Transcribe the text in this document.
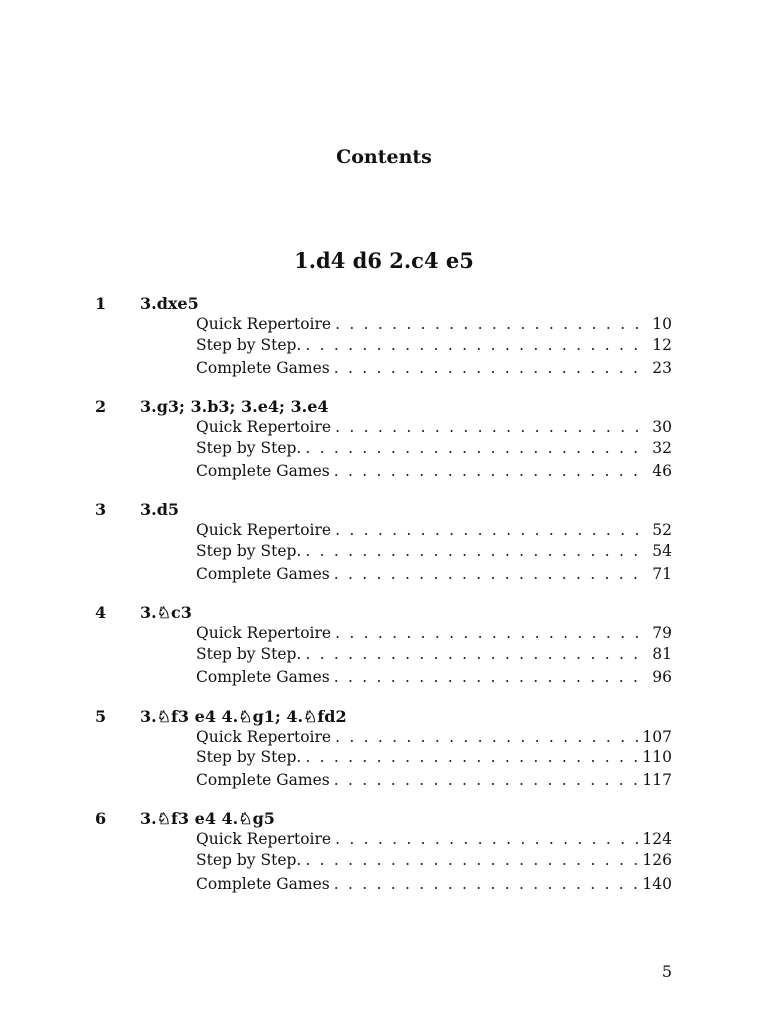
Contents
1.d4 d6 2.c4 e5
1 3.dxe5
Quick Repertoire . . .	10
Step by Step. . . .	12
Complete Games . . .	23
2 3.g3; 3.b3; 3.e4; 3.e4
Quick Repertoire . . .	30
Step by Step. . . .	32
Complete Games . . .	46
3 3.d5
Quick Repertoire . . .	52
Step by Step. . . .	54
Complete Games . . .	71
4 3.♘c3
Quick Repertoire . . .	79
Step by Step. . . .	81
Complete Games . . .	96
5 3.♘f3 e4 4.♘g1; 4.♘fd2
Quick Repertoire . . .	107
Step by Step. . . .	110
Complete Games . . .	117
6 3.♘f3 e4 4.♘g5
Quick Repertoire . . .	124
Step by Step. . . .	126
Complete Games . . .	140
5
